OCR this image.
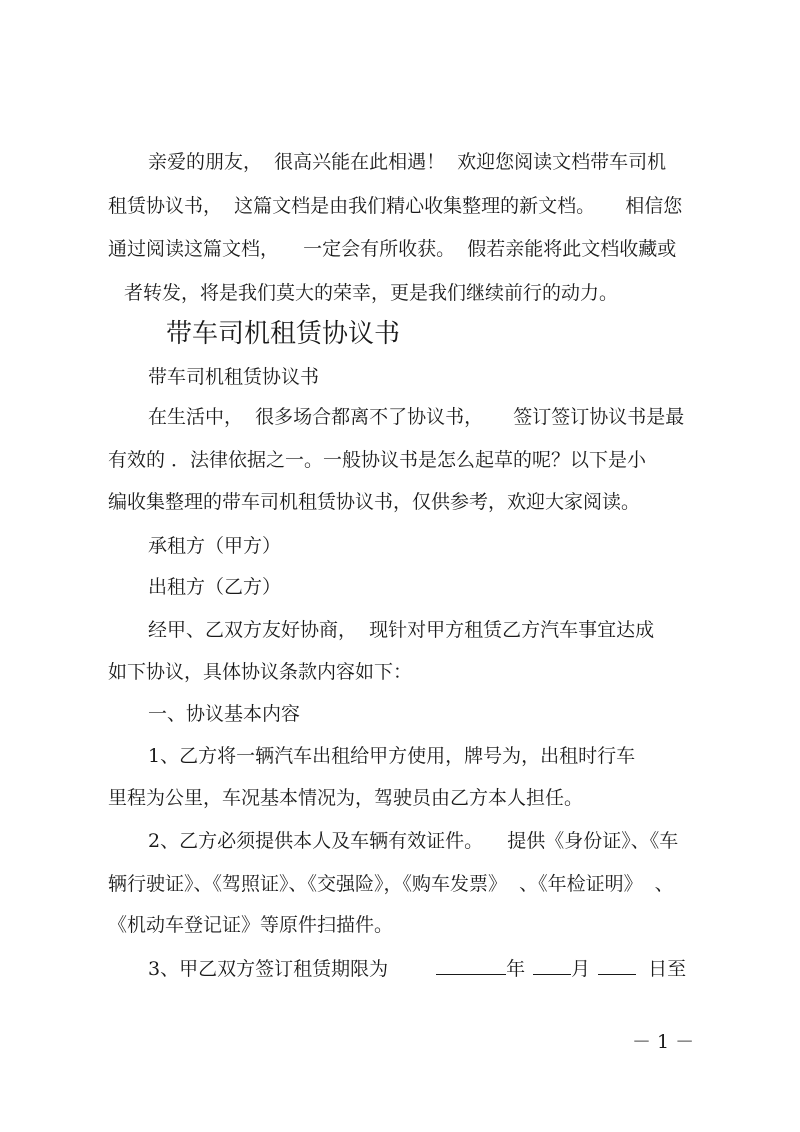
亲爱的朋友，  很高兴能在此相遇！  欢迎您阅读文档带车司机

租赁协议书，  这篇文档是由我们精心收集整理的新文档。     相信您

通过阅读这篇文档，    一定会有所收获。  假若亲能将此文档收藏或

者转发，将是我们莫大的荣幸，更是我们继续前行的动力。

带车司机租赁协议书

带车司机租赁协议书

在生活中，  很多场合都离不了协议书，     签订签订协议书是最

有效的 ．法律依据之一。一般协议书是怎么起草的呢？以下是小

编收集整理的带车司机租赁协议书，仅供参考，欢迎大家阅读。

承租方（甲方）

出租方（乙方）

经甲、乙双方友好协商，  现针对甲方租赁乙方汽车事宜达成

如下协议，具体协议条款内容如下：

一、协议基本内容

1、乙方将一辆汽车出租给甲方使用，牌号为，出租时行车

里程为公里，车况基本情况为，驾驶员由乙方本人担任。

2、乙方必须提供本人及车辆有效证件。    提供《身份证》、《车

辆行驶证》、《驾照证》、《交强险》，《购车发票》  、《年检证明》  、

《机动车登记证》等原件扫描件。

3、甲乙双方签订租赁期限为	年 月	日至

－ 1 －
